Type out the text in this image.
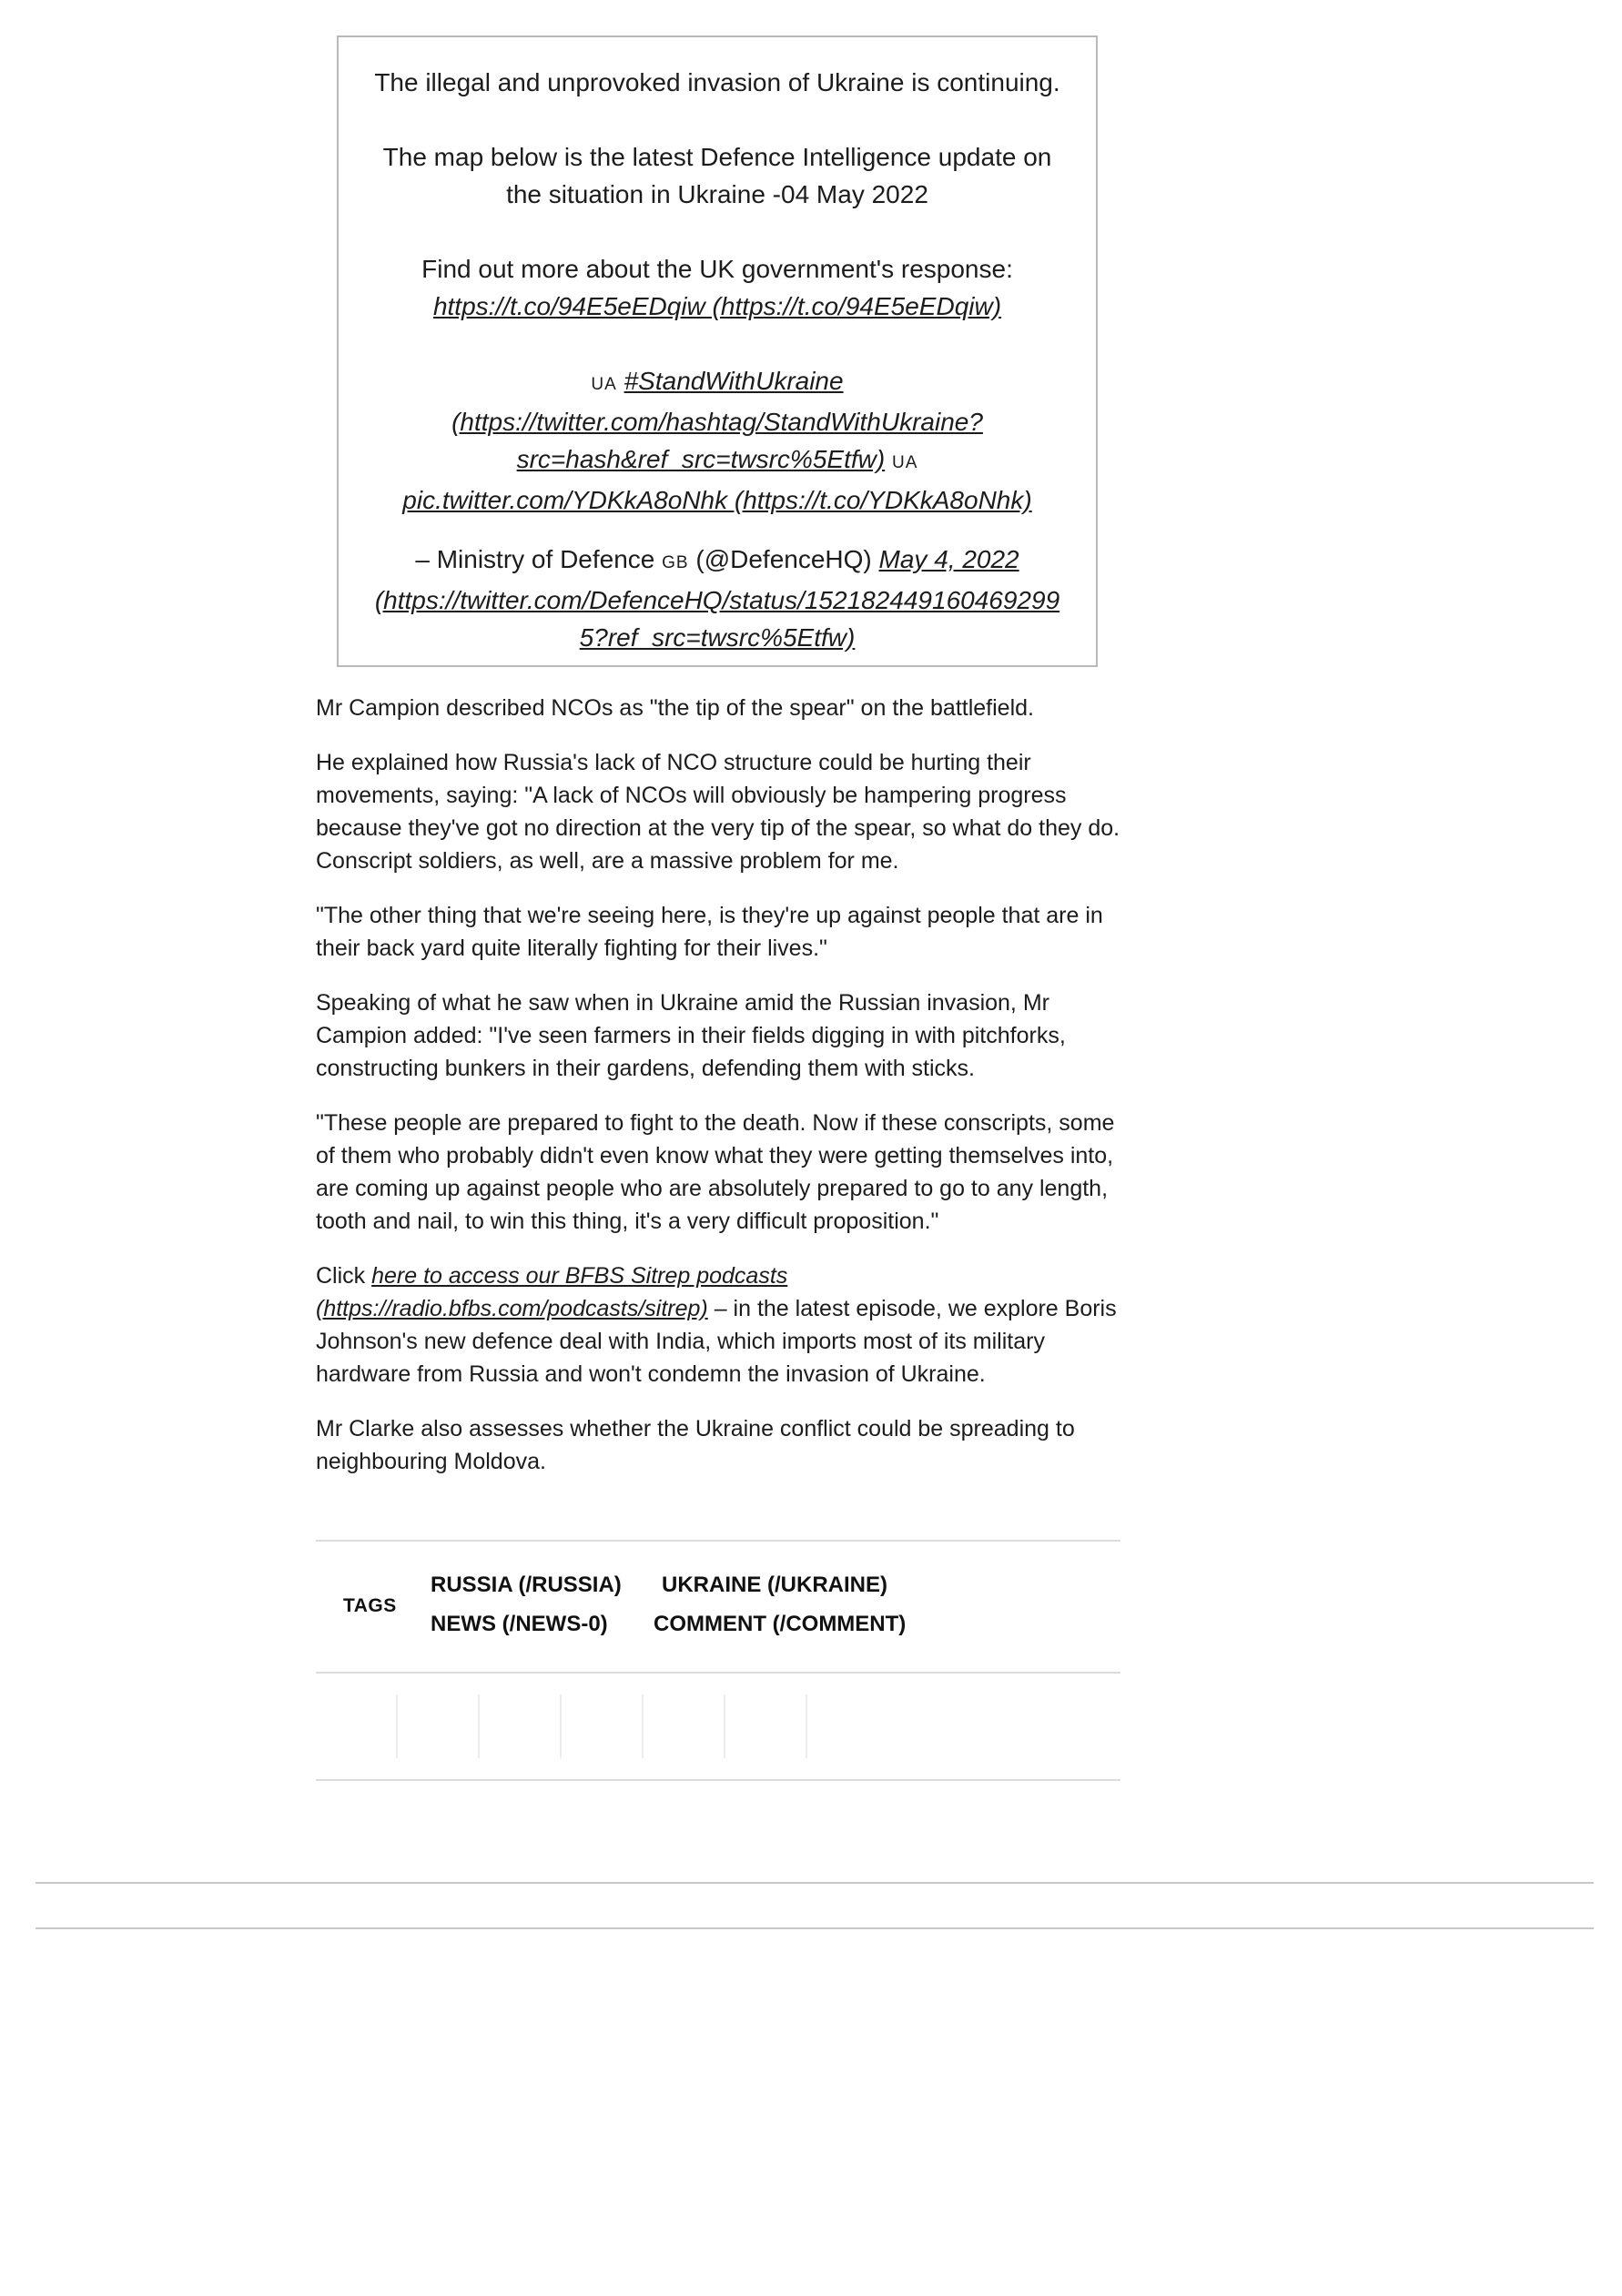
The illegal and unprovoked invasion of Ukraine is continuing.

The map below is the latest Defence Intelligence update on

the situation in Ukraine -04 May 2022

Find out more about the UK government's response:

https://t.co/94E5eEDqiw (https://t.co/94E5eEDqiw)

UA #StandWithUkraine

(https://twitter.com/hashtag/StandWithUkraine?

src=hash&ref_src=twsrc%5Etfw) UA

pic.twitter.com/YDKkA8oNhk (https://t.co/YDKkA8oNhk)

– Ministry of Defence GB (@DefenceHQ) May 4, 2022

(https://twitter.com/DefenceHQ/status/152182449160469299

5?ref_src=twsrc%5Etfw)

Mr Campion described NCOs as "the tip of the spear" on the battlefield.

He explained how Russia's lack of NCO structure could be hurting their movements, saying: "A lack of NCOs will obviously be hampering progress because they've got no direction at the very tip of the spear, so what do they do. Conscript soldiers, as well, are a massive problem for me.

"The other thing that we're seeing here, is they're up against people that are in their back yard quite literally fighting for their lives."

Speaking of what he saw when in Ukraine amid the Russian invasion, Mr Campion added: "I've seen farmers in their fields digging in with pitchforks, constructing bunkers in their gardens, defending them with sticks.

"These people are prepared to fight to the death. Now if these conscripts, some of them who probably didn't even know what they were getting themselves into, are coming up against people who are absolutely prepared to go to any length, tooth and nail, to win this thing, it's a very difficult proposition."

Click here to access our BFBS Sitrep podcasts (https://radio.bfbs.com/podcasts/sitrep) – in the latest episode, we explore Boris Johnson's new defence deal with India, which imports most of its military hardware from Russia and won't condemn the invasion of Ukraine.

Mr Clarke also assesses whether the Ukraine conflict could be spreading to neighbouring Moldova.

TAGS
RUSSIA (/RUSSIA) UKRAINE (/UKRAINE)
NEWS (/NEWS-0) COMMENT (/COMMENT)
